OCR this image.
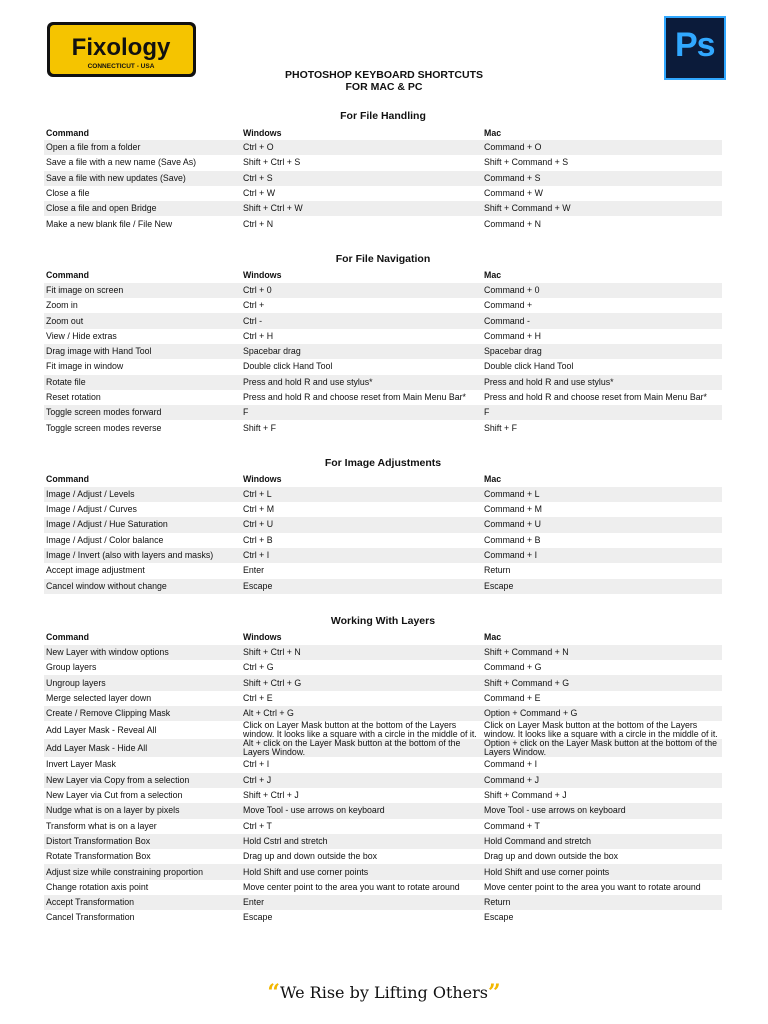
Fixology
CONNECTICUT - USA
Ps
PHOTOSHOP KEYBOARD SHORTCUTS
FOR MAC & PC
For File Handling
Command	Windows	Mac
Open a file from a folder	Ctrl + O	Command + O
Save a file with a new name (Save As)	Shift + Ctrl + S	Shift + Command + S
Save a file with new updates (Save)	Ctrl + S	Command + S
Close a file	Ctrl + W	Command + W
Close a file and open Bridge	Shift + Ctrl + W	Shift + Command + W
Make a new blank file / File New	Ctrl + N	Command + N
For File Navigation
Command	Windows	Mac
Fit image on screen	Ctrl + 0	Command + 0
Zoom in	Ctrl +	Command +
Zoom out	Ctrl -	Command -
View / Hide extras	Ctrl + H	Command + H
Drag image with Hand Tool	Spacebar drag	Spacebar drag
Fit image in window	Double click Hand Tool	Double click Hand Tool
Rotate file	Press and hold R and use stylus*	Press and hold R and use stylus*
Reset rotation	Press and hold R and choose reset from Main Menu Bar*	Press and hold R and choose reset from Main Menu Bar*
Toggle screen modes forward	F	F
Toggle screen modes reverse	Shift + F	Shift + F
For Image Adjustments
Command	Windows	Mac
Image / Adjust / Levels	Ctrl + L	Command + L
Image / Adjust / Curves	Ctrl + M	Command + M
Image / Adjust / Hue Saturation	Ctrl + U	Command + U
Image / Adjust / Color balance	Ctrl + B	Command + B
Image / Invert (also with layers and masks)	Ctrl + I	Command + I
Accept image adjustment	Enter	Return
Cancel window without change	Escape	Escape
Working With Layers
Command	Windows	Mac
New Layer with window options	Shift + Ctrl + N	Shift + Command + N
Group layers	Ctrl + G	Command + G
Ungroup layers	Shift + Ctrl + G	Shift + Command + G
Merge selected layer down	Ctrl + E	Command + E
Create / Remove Clipping Mask	Alt + Ctrl + G	Option + Command + G
Add Layer Mask - Reveal All	Click on Layer Mask button at the bottom of the Layers window. It looks like a square with a circle in the middle of it.	Click on Layer Mask button at the bottom of the Layers window. It looks like a square with a circle in the middle of it.
Add Layer Mask - Hide All	Alt + click on the Layer Mask button at the bottom of the Layers Window.	Option + click on the Layer Mask button at the bottom of the Layers Window.
Invert Layer Mask	Ctrl + I	Command + I
New Layer via Copy from a selection	Ctrl + J	Command + J
New Layer via Cut from a selection	Shift + Ctrl + J	Shift + Command + J
Nudge what is on a layer by pixels	Move Tool - use arrows on keyboard	Move Tool - use arrows on keyboard
Transform what is on a layer	Ctrl + T	Command + T
Distort Transformation Box	Hold Cstrl and stretch	Hold Command and stretch
Rotate Transformation Box	Drag up and down outside the box	Drag up and down outside the box
Adjust size while constraining proportion	Hold Shift and use corner points	Hold Shift and use corner points
Change rotation axis point	Move center point to the area you want to rotate around	Move center point to the area you want to rotate around
Accept Transformation	Enter	Return
Cancel Transformation	Escape	Escape
“We Rise by Lifting Others”
